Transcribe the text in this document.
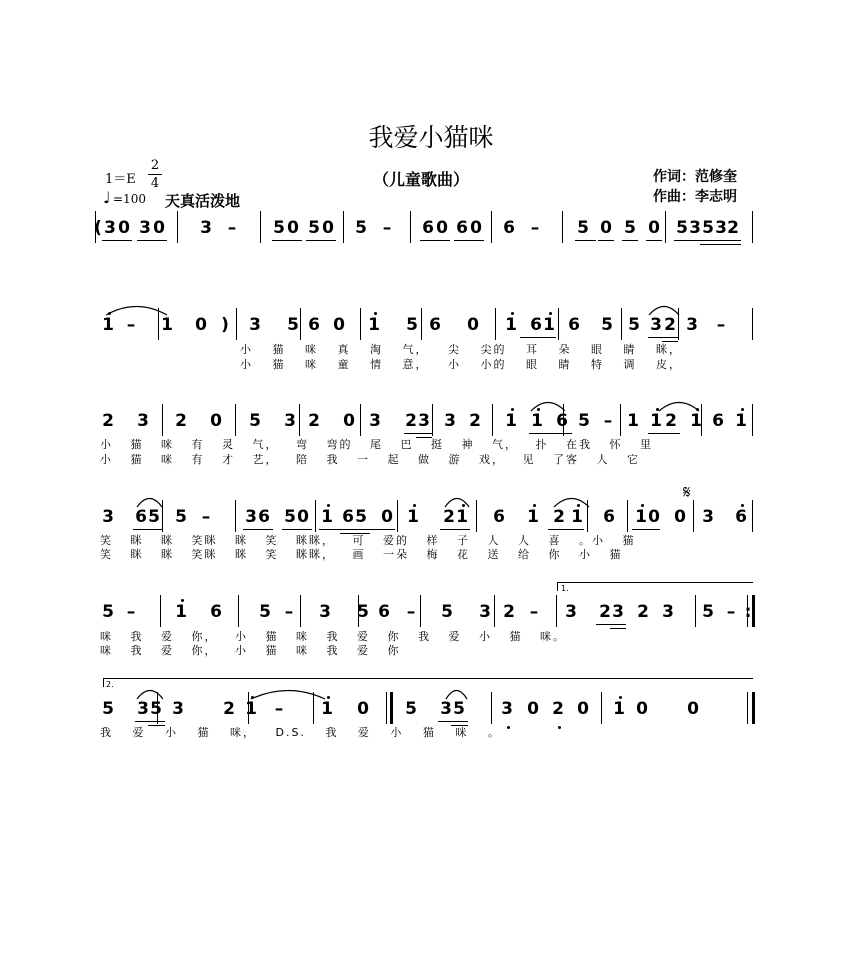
我爱小猫咪
（儿童歌曲）	作词：范修奎
作曲：李志明
1＝E
2
4
♩ =100 天真活泼地
( 3 0 3 0 3 – 5 0 5 0 5 – 6 0 6 0 6 – 5 0 5 0 5 3 5 3 2
1 – 1 0 ) 3 5 6 0 1 5 6 0 1 6 1 6 5 5 3 2 3 –
2 3 2 0 5 3 2 0 3 2 3 3 2 1 1 6 5 – 1 1 2 1 6 1
3 6 5 5 – 3 6 5 0 1 6 5 0 1 2 1 6 1 2 1 6 1 0 0 3 6
5 – 1 6 5 – 3 5 6 – 5 3 2 – 3 2 3 2 3 5 – :
5 3 5 3 2 1 – 1 0 5 3 5 3 0 2 0 1 0 0
小 猫 咪 真 淘 气， 尖 尖的 耳 朵 眼 睛 眯，
小 猫 咪 童 情 意， 小 小的 眼 睛 特 调 皮，
小 猫 咪 有 灵 气， 弯 弯的 尾 巴 挺 神 气， 扑 在我 怀 里
小 猫 咪 有 才 艺， 陪 我 一 起 做 游 戏， 见 了客 人 它
笑 眯 眯 笑眯 眯 笑 眯眯， 可 爱的 样 子 人 人 喜 。小 猫
笑 眯 眯 笑眯 眯 笑 眯眯， 画 一朵 梅 花 送 给 你 小 猫
咪 我 爱 你， 小 猫 咪 我 爱 你 我 爱 小 猫 咪。
咪 我 爱 你， 小 猫 咪 我 爱 你
我 爱 小 猫 咪， D.S. 我 爱 小 猫 咪 。
1.
2.
𝄋
